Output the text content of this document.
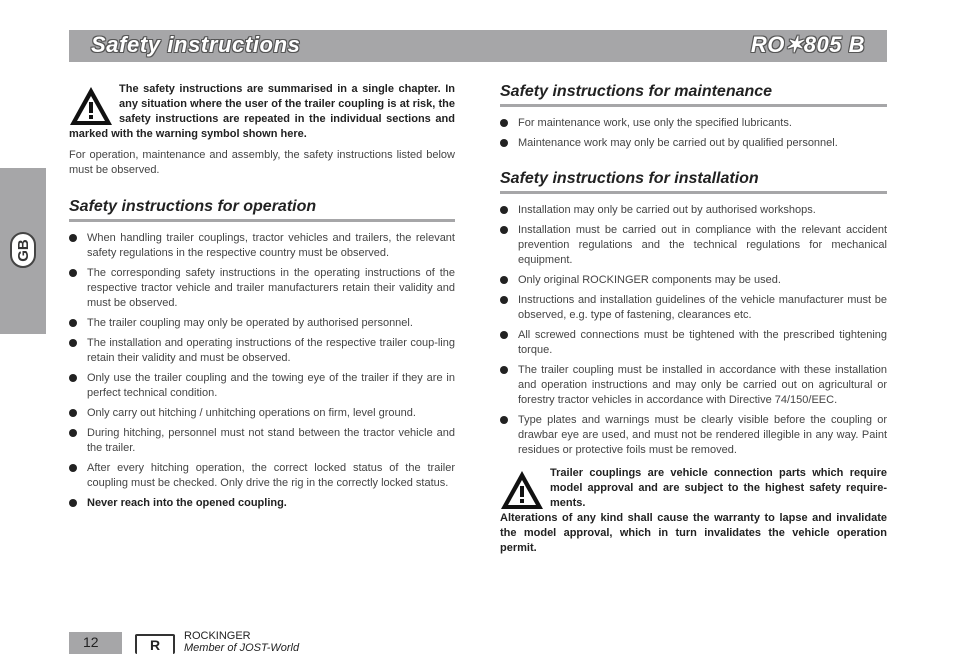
Safety instructions	RO✶805 B
GB
The safety instructions are summarised in a single chapter. In any situation where the user of the trailer coupling is at risk, the safety instructions are repeated in the individual sections and marked with the warning symbol shown here.

For operation, maintenance and assembly, the safety instructions listed below must be observed.

Safety instructions for operation
When handling trailer couplings, tractor vehicles and trailers, the relevant safety regulations in the respective country must be observed.
The corresponding safety instructions in the operating instructions of the respective tractor vehicle and trailer manufacturers retain their validity and must be observed.
The trailer coupling may only be operated by authorised personnel.
The installation and operating instructions of the respective trailer coup-ling retain their validity and must be observed.
Only use the trailer coupling and the towing eye of the trailer if they are in perfect technical condition.
Only carry out hitching / unhitching operations on firm, level ground.
During hitching, personnel must not stand between the tractor vehicle and the trailer.
After every hitching operation, the correct locked status of the trailer coupling must be checked. Only drive the rig in the correctly locked status.
Never reach into the opened coupling.
Safety instructions for maintenance
For maintenance work, use only the specified lubricants.
Maintenance work may only be carried out by qualified personnel.
Safety instructions for installation
Installation may only be carried out by authorised workshops.
Installation must be carried out in compliance with the relevant accident prevention regulations and the technical regulations for mechanical equipment.
Only original ROCKINGER components may be used.
Instructions and installation guidelines of the vehicle manufacturer must be observed, e.g. type of fastening, clearances etc.
All screwed connections must be tightened with the prescribed tightening torque.
The trailer coupling must be installed in accordance with these installation and operation instructions and may only be carried out on agricultural or forestry tractor vehicles in accordance with Directive 74/150/EEC.
Type plates and warnings must be clearly visible before the coupling or drawbar eye are used, and must not be rendered illegible in any way. Paint residues or protective foils must be removed.
Trailer couplings are vehicle connection parts which require model approval and are subject to the highest safety require-ments.
Alterations of any kind shall cause the warranty to lapse and invalidate the model approval, which in turn invalidates the vehicle operation permit.
12	R
ROCKINGER
Member of JOST-World
